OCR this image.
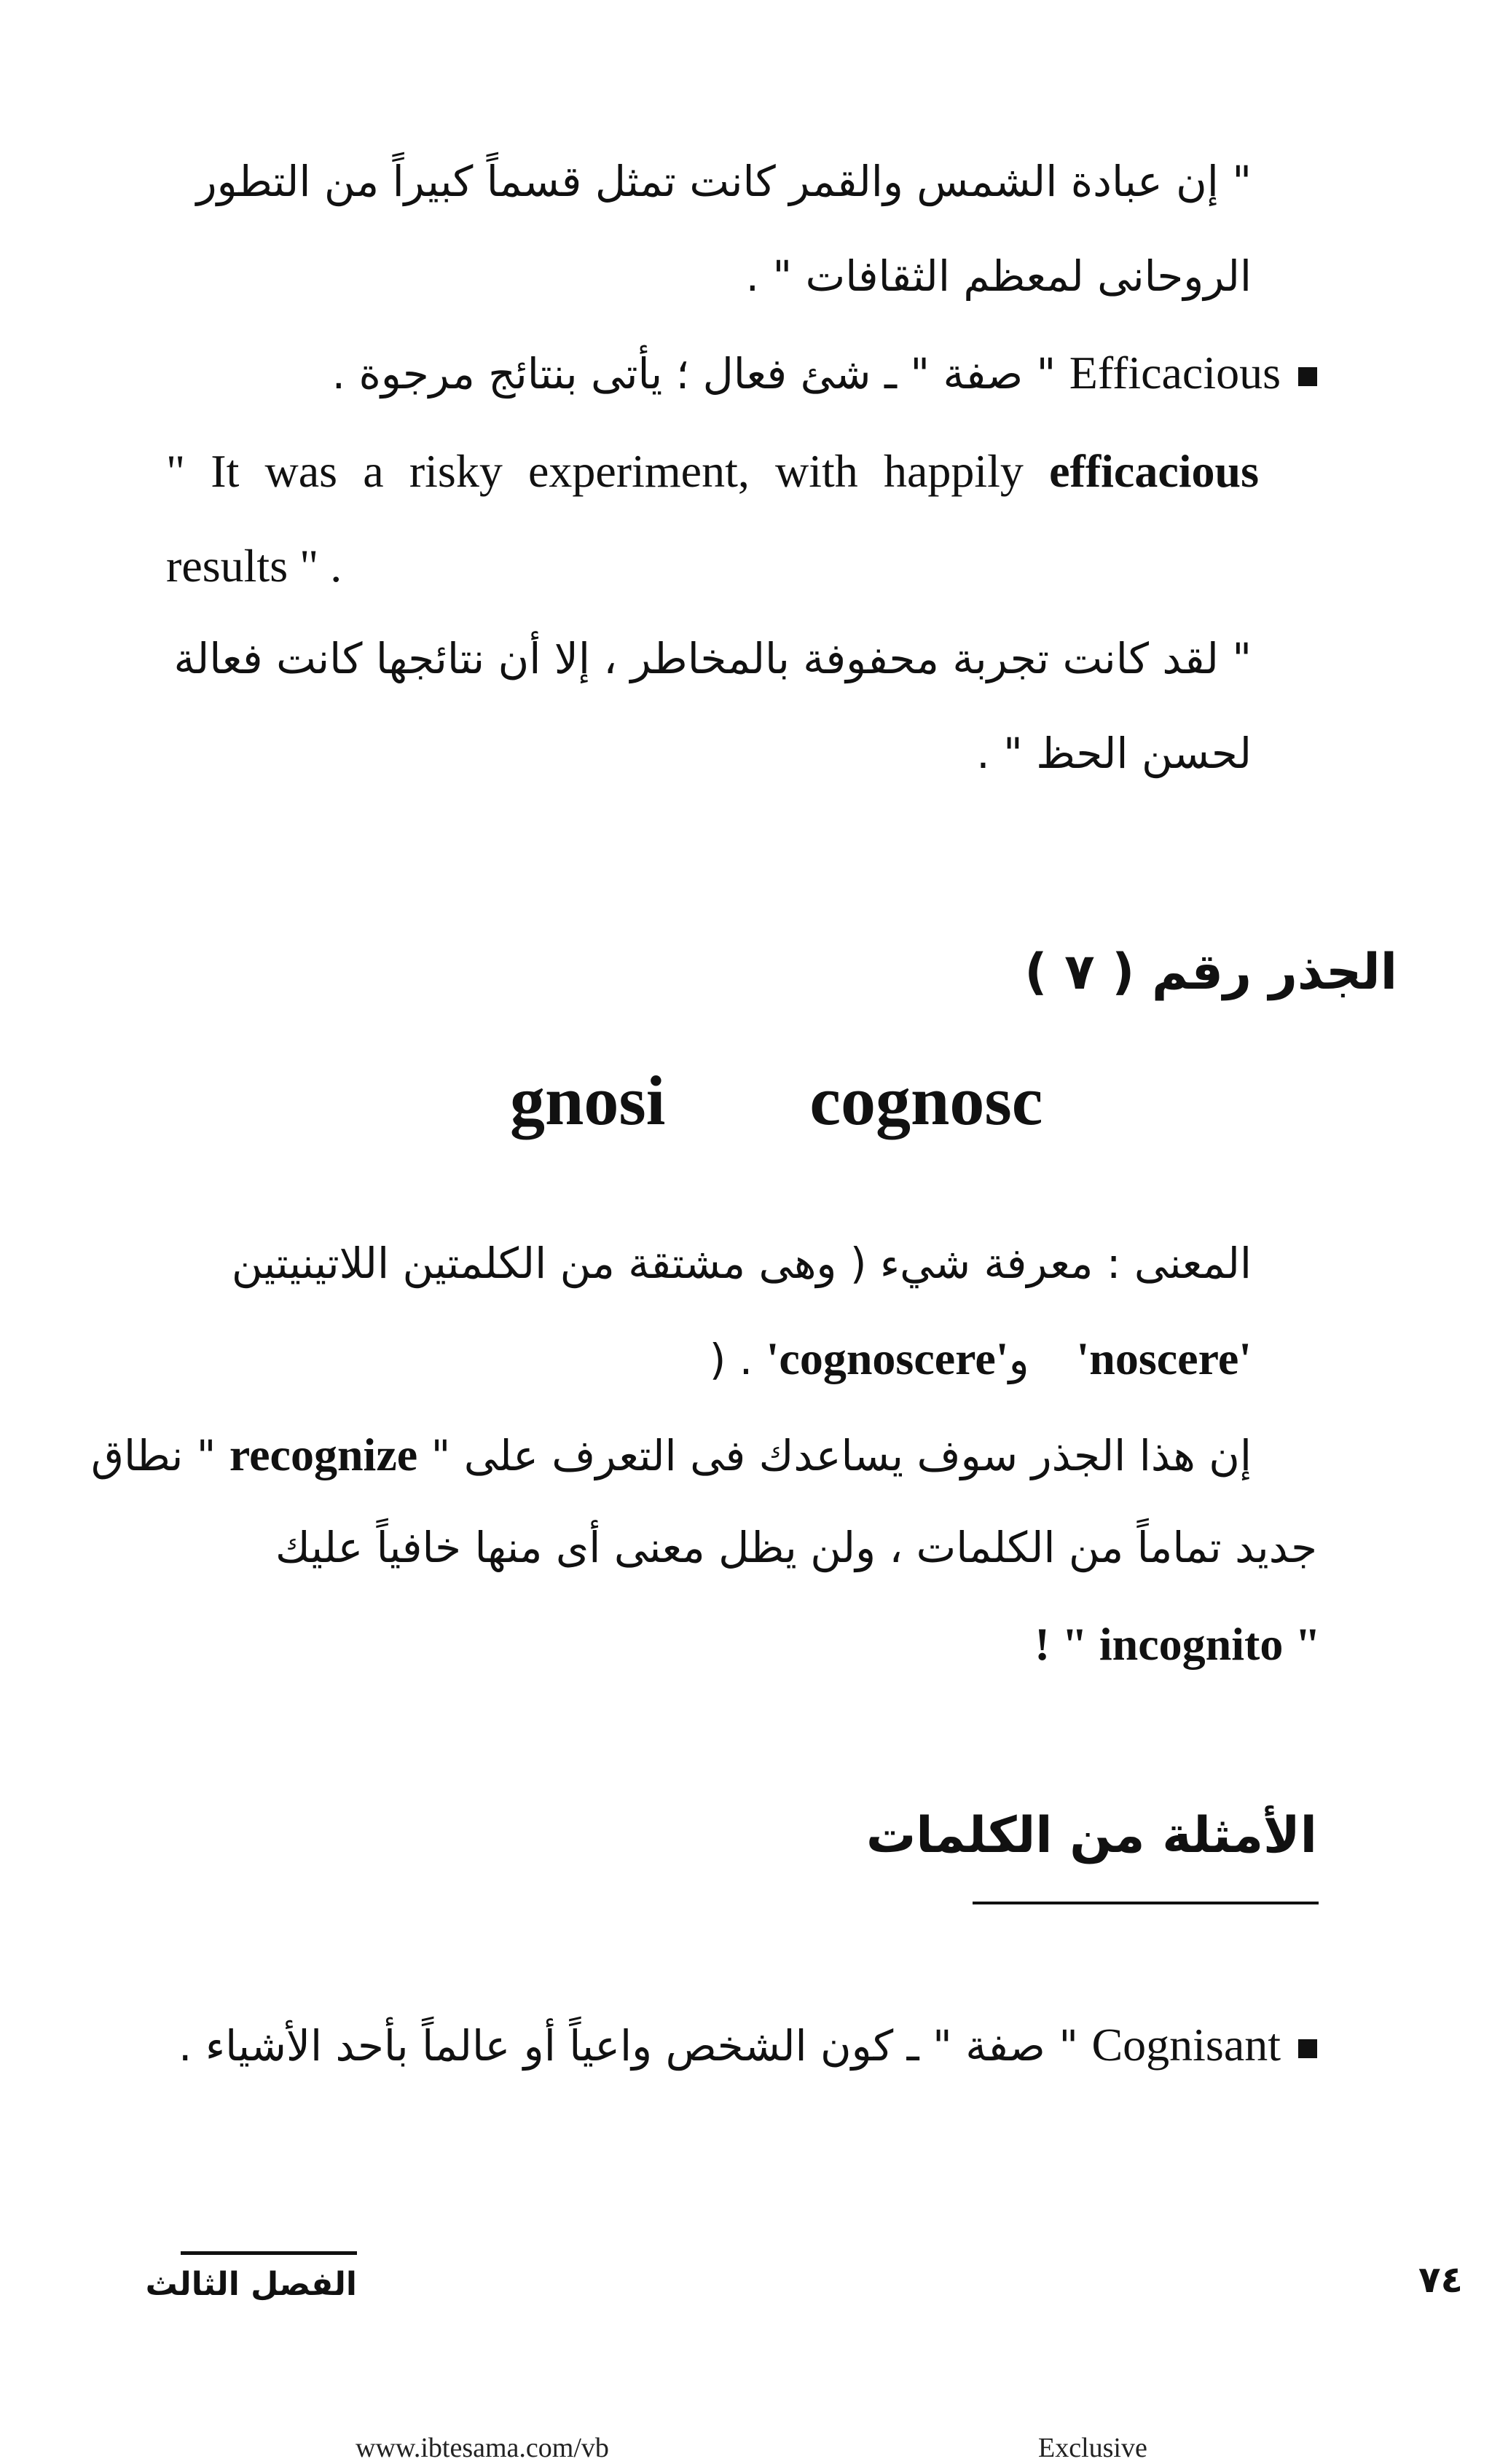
" إن عبادة الشمس والقمر كانت تمثل قسماً كبيراً من التطور
الروحانى لمعظم الثقافات " .
Efficacious " صفة " ـ شئ فعال ؛ يأتى بنتائج مرجوة .
" It was a risky experiment, with happily efficacious
results " .
" لقد كانت تجربة محفوفة بالمخاطر ، إلا أن نتائجها كانت فعالة
لحسن الحظ " .
الجذر رقم ( ٧ )
gnosi cognosc
المعنى : معرفة شيء ( وهى مشتقة من الكلمتين اللاتينيتين
'noscere'  و'cognoscere' . (
إن هذا الجذر سوف يساعدك فى التعرف على " recognize " نطاق
جديد تماماً من الكلمات ، ولن يظل معنى أى منها خافياً عليك
! " incognito "
الأمثلة من الكلمات
Cognisant " صفة " ـ كون الشخص واعياً أو عالماً بأحد الأشياء .
الفصل الثالث	٧٤
www.ibtesama.com/vb	Exclusive
